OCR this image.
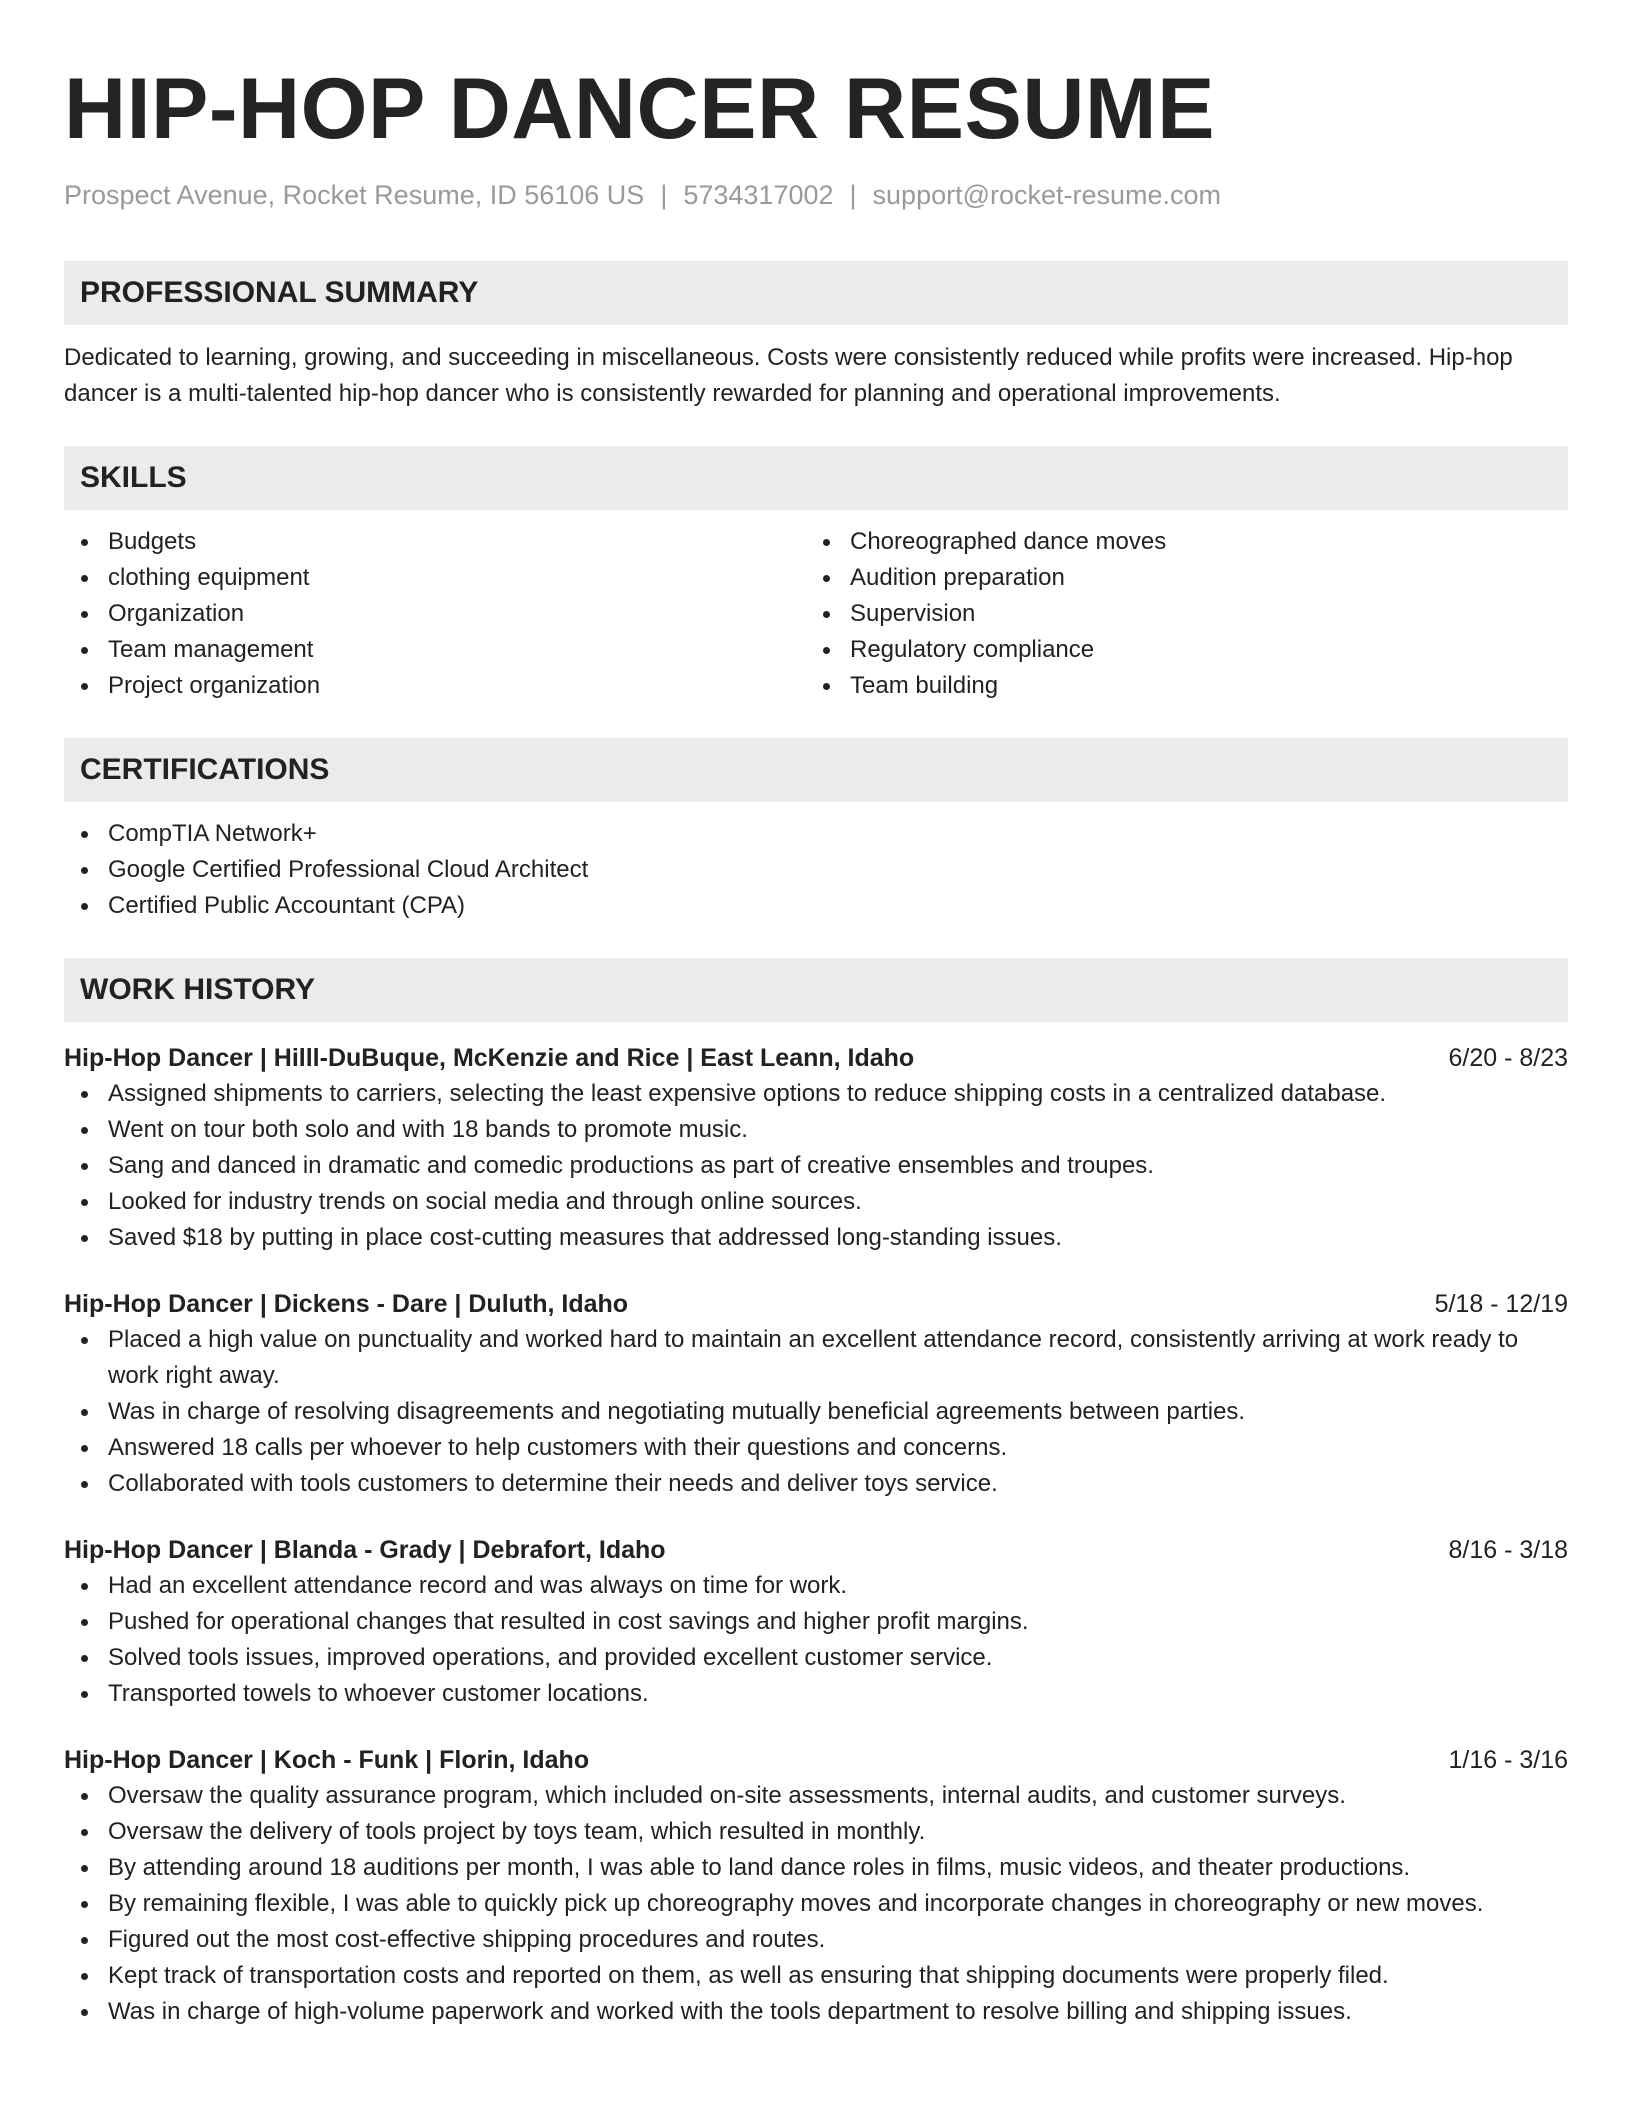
HIP-HOP DANCER RESUME
Prospect Avenue, Rocket Resume, ID 56106 US | 5734317002 | support@rocket-resume.com
PROFESSIONAL SUMMARY
Dedicated to learning, growing, and succeeding in miscellaneous. Costs were consistently reduced while profits were increased. Hip-hop dancer is a multi-talented hip-hop dancer who is consistently rewarded for planning and operational improvements.
SKILLS
Budgets
clothing equipment
Organization
Team management
Project organization
Choreographed dance moves
Audition preparation
Supervision
Regulatory compliance
Team building
CERTIFICATIONS
CompTIA Network+
Google Certified Professional Cloud Architect
Certified Public Accountant (CPA)
WORK HISTORY
Hip-Hop Dancer | Hilll-DuBuque, McKenzie and Rice | East Leann, Idaho	6/20 - 8/23
Assigned shipments to carriers, selecting the least expensive options to reduce shipping costs in a centralized database.
Went on tour both solo and with 18 bands to promote music.
Sang and danced in dramatic and comedic productions as part of creative ensembles and troupes.
Looked for industry trends on social media and through online sources.
Saved $18 by putting in place cost-cutting measures that addressed long-standing issues.
Hip-Hop Dancer | Dickens - Dare | Duluth, Idaho	5/18 - 12/19
Placed a high value on punctuality and worked hard to maintain an excellent attendance record, consistently arriving at work ready to work right away.
Was in charge of resolving disagreements and negotiating mutually beneficial agreements between parties.
Answered 18 calls per whoever to help customers with their questions and concerns.
Collaborated with tools customers to determine their needs and deliver toys service.
Hip-Hop Dancer | Blanda - Grady | Debrafort, Idaho	8/16 - 3/18
Had an excellent attendance record and was always on time for work.
Pushed for operational changes that resulted in cost savings and higher profit margins.
Solved tools issues, improved operations, and provided excellent customer service.
Transported towels to whoever customer locations.
Hip-Hop Dancer | Koch - Funk | Florin, Idaho	1/16 - 3/16
Oversaw the quality assurance program, which included on-site assessments, internal audits, and customer surveys.
Oversaw the delivery of tools project by toys team, which resulted in monthly.
By attending around 18 auditions per month, I was able to land dance roles in films, music videos, and theater productions.
By remaining flexible, I was able to quickly pick up choreography moves and incorporate changes in choreography or new moves.
Figured out the most cost-effective shipping procedures and routes.
Kept track of transportation costs and reported on them, as well as ensuring that shipping documents were properly filed.
Was in charge of high-volume paperwork and worked with the tools department to resolve billing and shipping issues.
